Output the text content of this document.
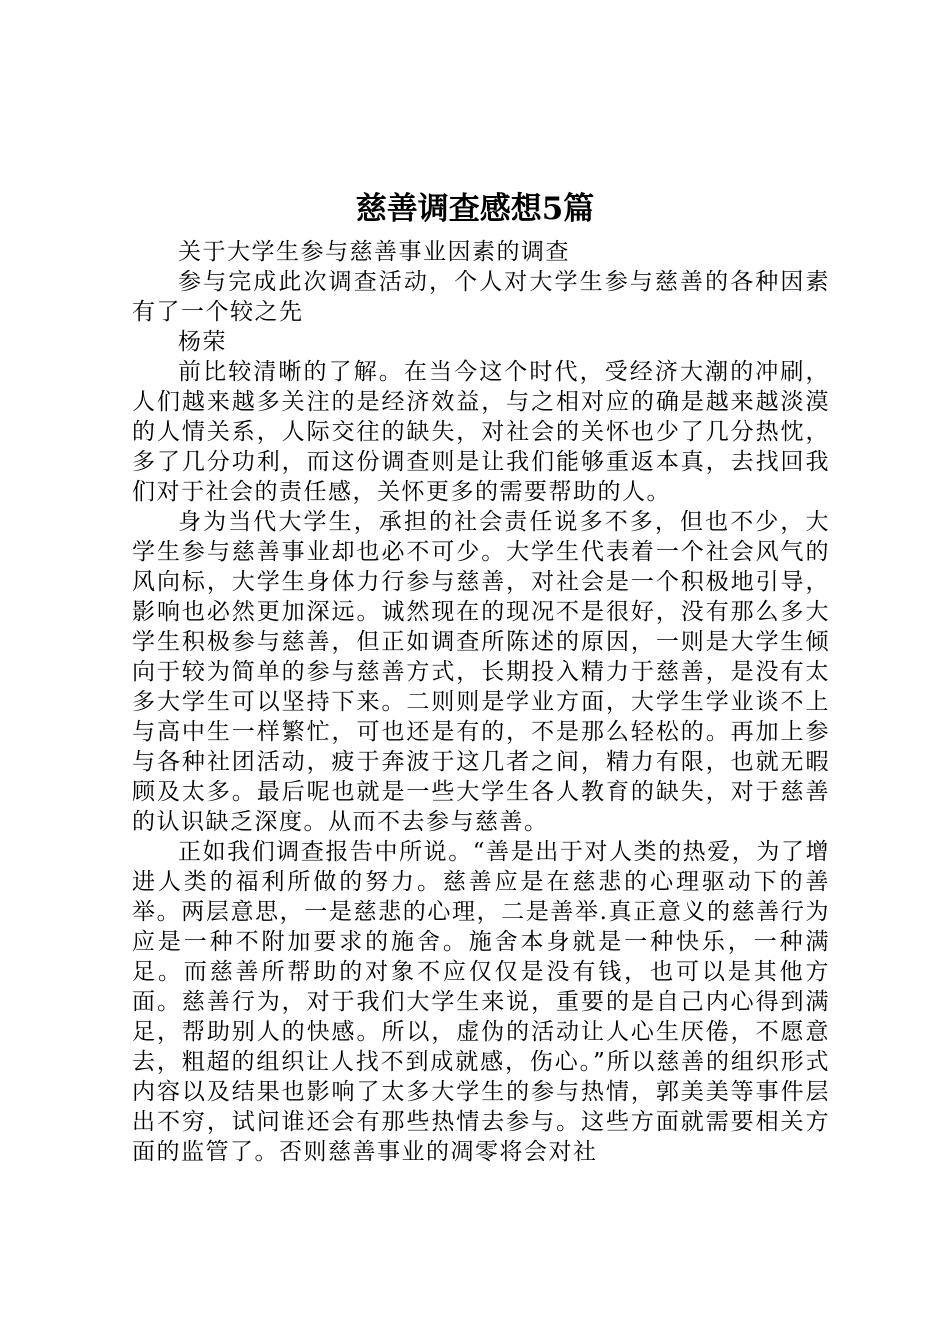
慈善调查感想5篇

关于大学生参与慈善事业因素的调查

参与完成此次调查活动，个人对大学生参与慈善的各种因素有了一个较之先

杨荣

前比较清晰的了解。在当今这个时代，受经济大潮的冲刷，人们越来越多关注的是经济效益，与之相对应的确是越来越淡漠的人情关系，人际交往的缺失，对社会的关怀也少了几分热忱，多了几分功利，而这份调查则是让我们能够重返本真，去找回我们对于社会的责任感，关怀更多的需要帮助的人。

身为当代大学生，承担的社会责任说多不多，但也不少，大学生参与慈善事业却也必不可少。大学生代表着一个社会风气的风向标，大学生身体力行参与慈善，对社会是一个积极地引导，影响也必然更加深远。诚然现在的现况不是很好，没有那么多大学生积极参与慈善，但正如调查所陈述的原因，一则是大学生倾向于较为简单的参与慈善方式，长期投入精力于慈善，是没有太多大学生可以坚持下来。二则则是学业方面，大学生学业谈不上与高中生一样繁忙，可也还是有的，不是那么轻松的。再加上参与各种社团活动，疲于奔波于这几者之间，精力有限，也就无暇顾及太多。最后呢也就是一些大学生各人教育的缺失，对于慈善的认识缺乏深度。从而不去参与慈善。

正如我们调查报告中所说。“善是出于对人类的热爱，为了增进人类的福利所做的努力。慈善应是在慈悲的心理驱动下的善举。两层意思，一是慈悲的心理，二是善举.真正意义的慈善行为应是一种不附加要求的施舍。施舍本身就是一种快乐，一种满足。而慈善所帮助的对象不应仅仅是没有钱，也可以是其他方面。慈善行为，对于我们大学生来说，重要的是自己内心得到满足，帮助别人的快感。所以，虚伪的活动让人心生厌倦，不愿意去，粗超的组织让人找不到成就感，伤心。”所以慈善的组织形式内容以及结果也影响了太多大学生的参与热情，郭美美等事件层出不穷，试问谁还会有那些热情去参与。这些方面就需要相关方面的监管了。否则慈善事业的凋零将会对社
